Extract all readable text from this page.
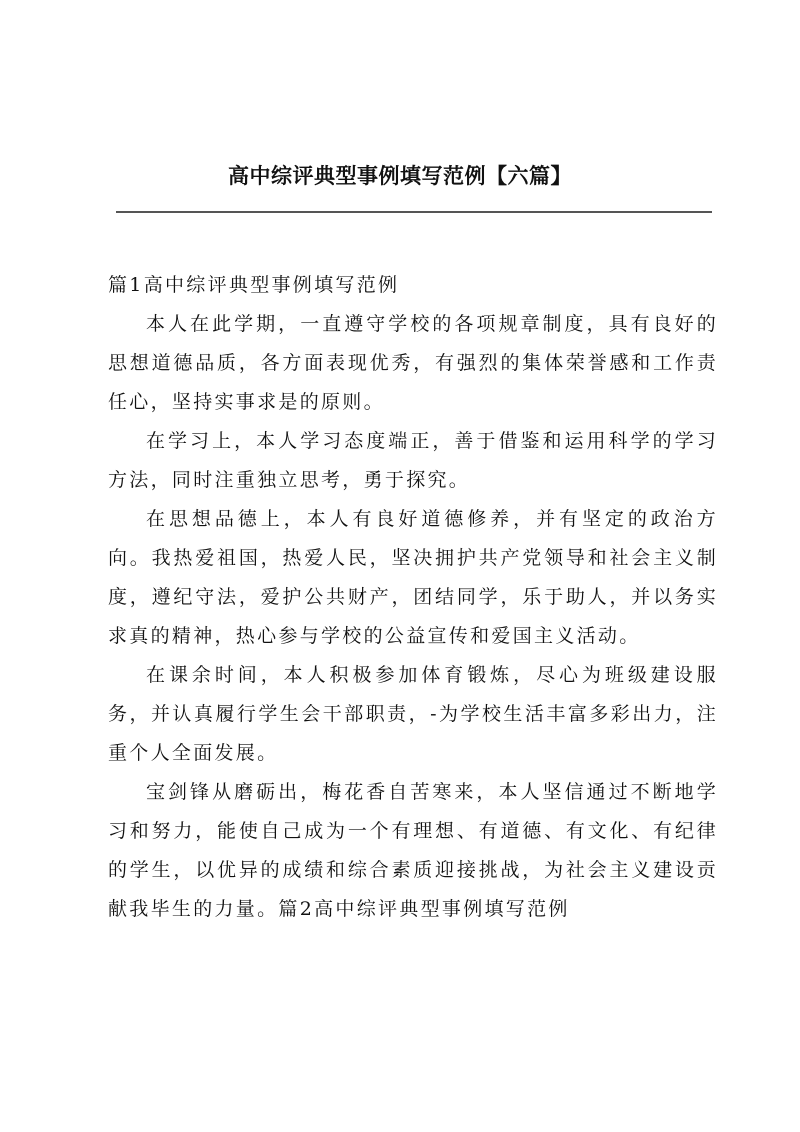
高中综评典型事例填写范例【六篇】

篇1高中综评典型事例填写范例

本人在此学期，一直遵守学校的各项规章制度，具有良好的思想道德品质，各方面表现优秀，有强烈的集体荣誉感和工作责任心，坚持实事求是的原则。

在学习上，本人学习态度端正，善于借鉴和运用科学的学习方法，同时注重独立思考，勇于探究。

在思想品德上，本人有良好道德修养，并有坚定的政治方向。我热爱祖国，热爱人民，坚决拥护共产党领导和社会主义制度，遵纪守法，爱护公共财产，团结同学，乐于助人，并以务实求真的精神，热心参与学校的公益宣传和爱国主义活动。

在课余时间，本人积极参加体育锻炼，尽心为班级建设服务，并认真履行学生会干部职责，-为学校生活丰富多彩出力，注重个人全面发展。

宝剑锋从磨砺出，梅花香自苦寒来，本人坚信通过不断地学习和努力，能使自己成为一个有理想、有道德、有文化、有纪律的学生，以优异的成绩和综合素质迎接挑战，为社会主义建设贡献我毕生的力量。篇2高中综评典型事例填写范例
